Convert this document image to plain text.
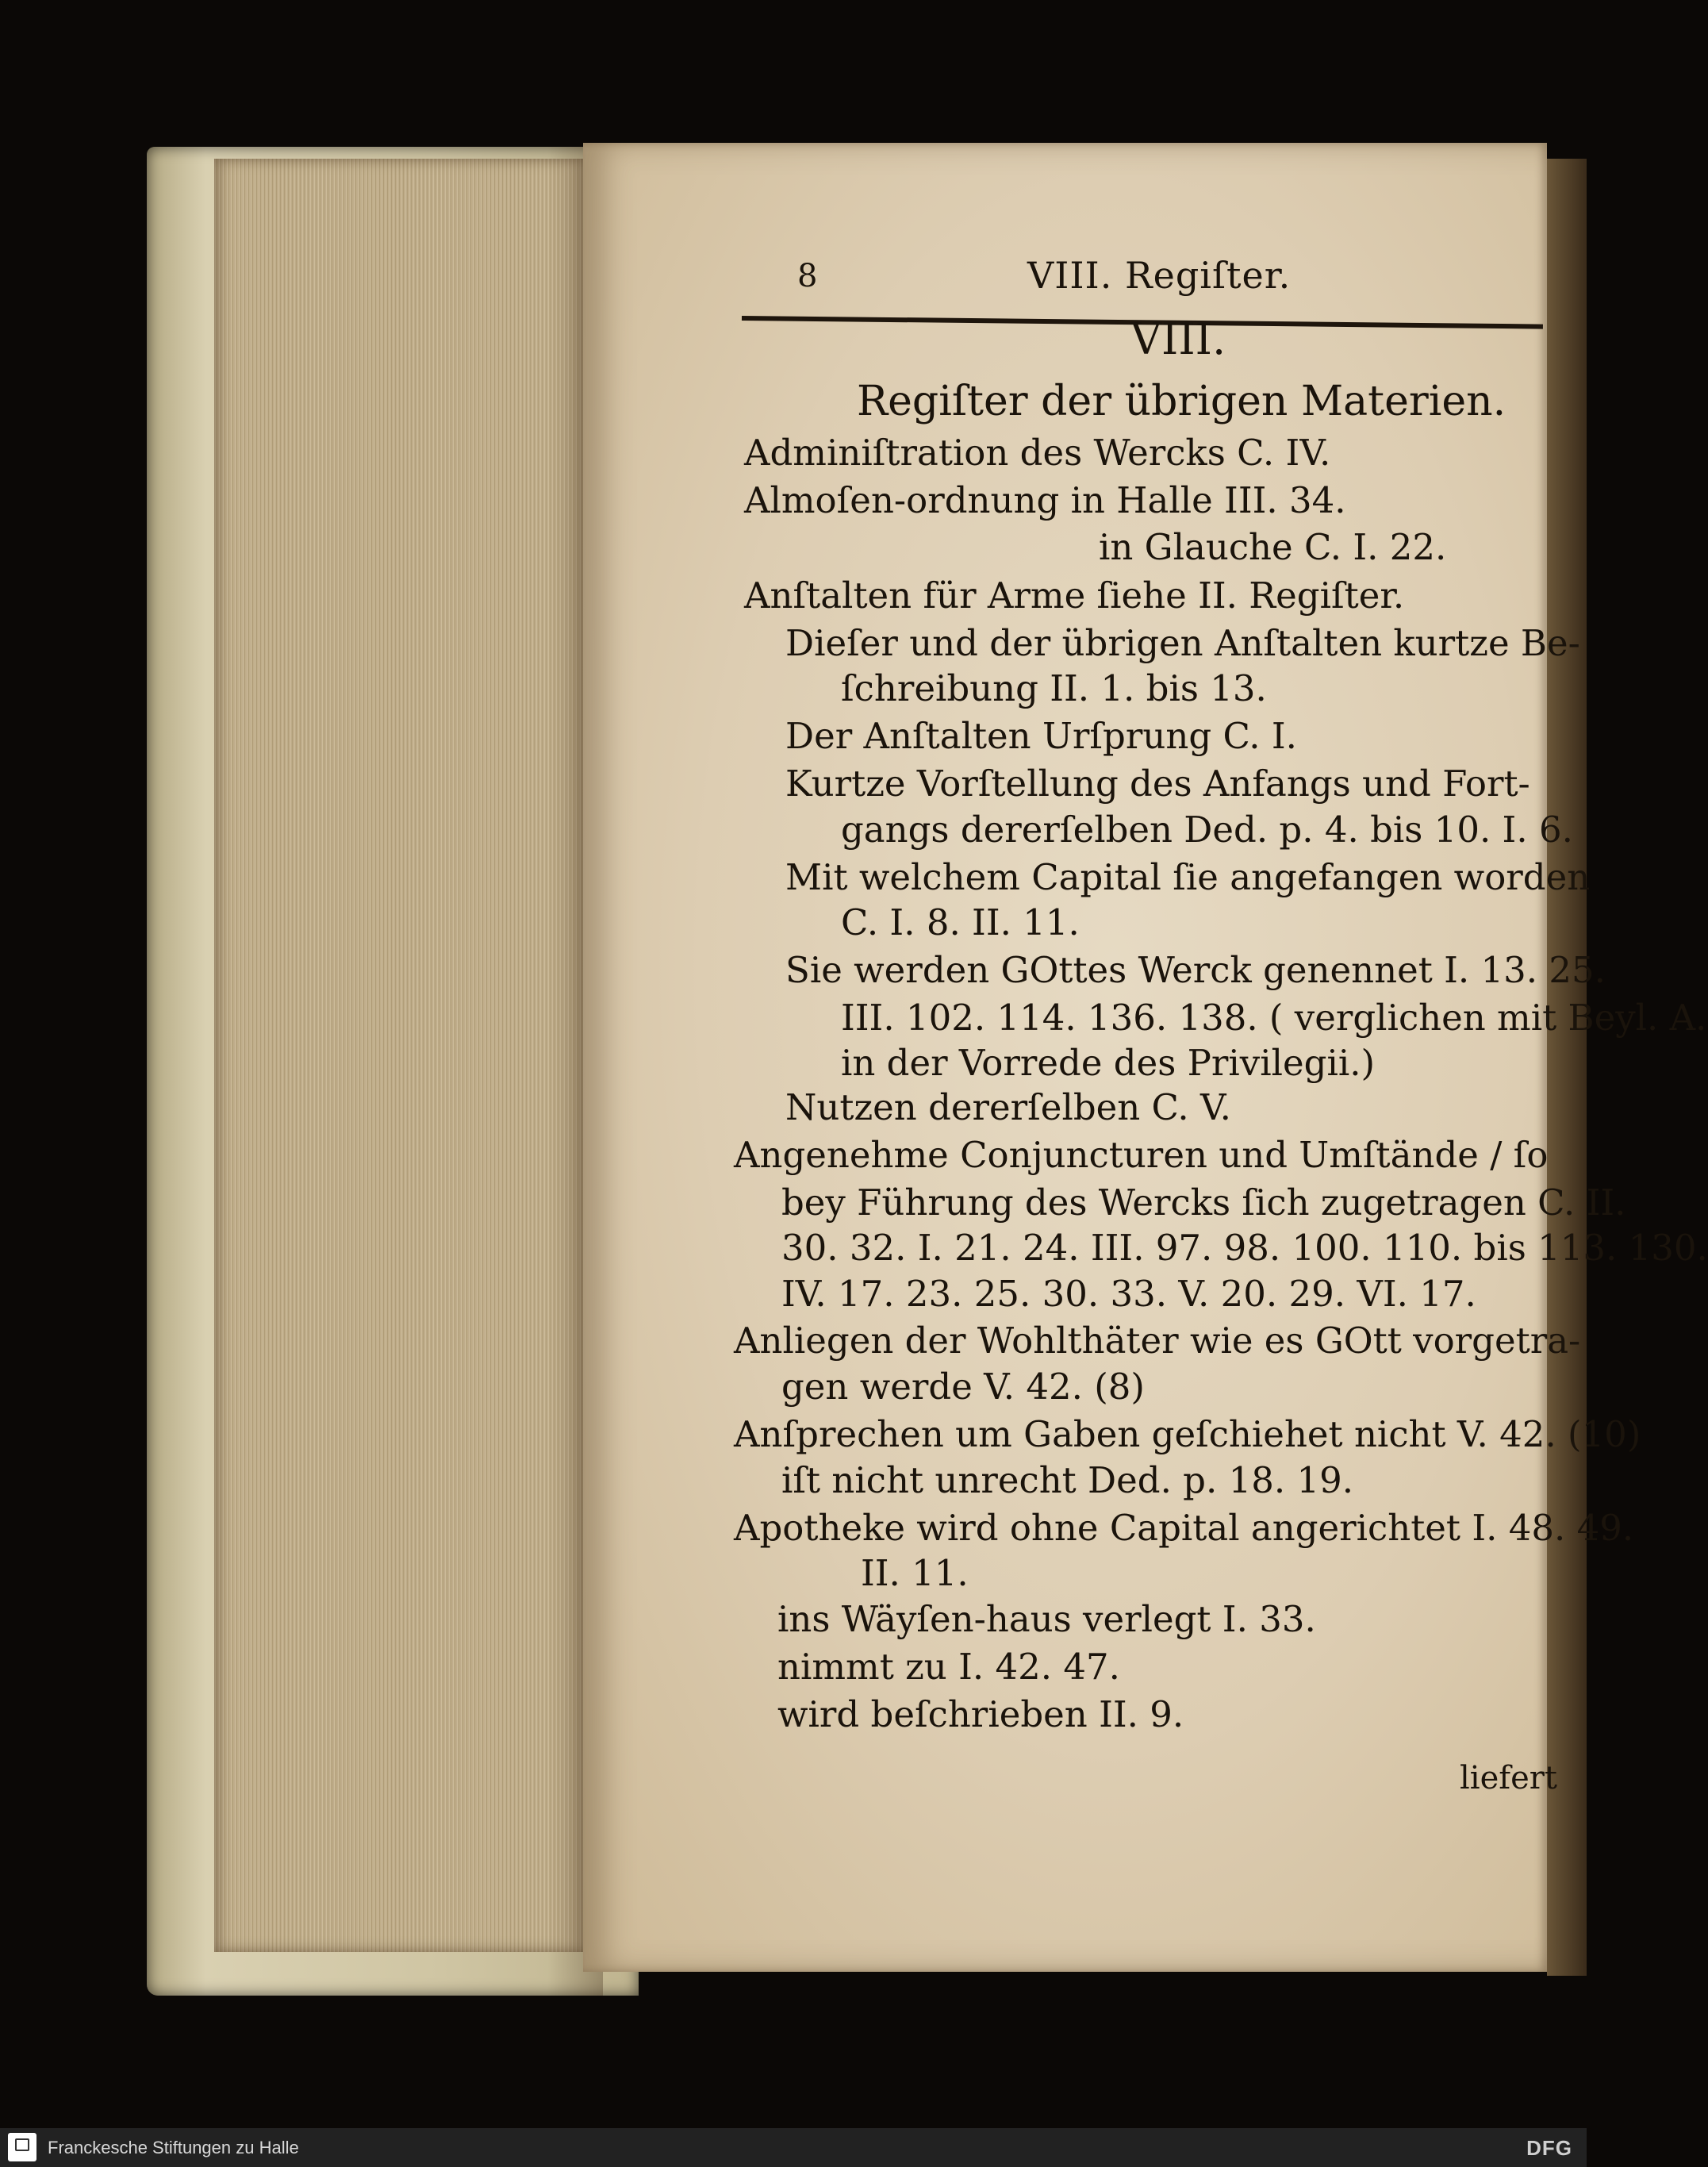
8	VIII. Regiſter.
VIII.
Regiſter der übrigen Materien.
Adminiſtration des Wercks C. IV.
Almoſen-ordnung in Halle III. 34.
in Glauche C. I. 22.
Anſtalten für Arme ſiehe II. Regiſter.
Dieſer und der übrigen Anſtalten kurtze Be-
ſchreibung II. 1. bis 13.
Der Anſtalten Urſprung C. I.
Kurtze Vorſtellung des Anfangs und Fort-
gangs dererſelben Ded. p. 4. bis 10. I. 6.
Mit welchem Capital ſie angefangen worden
C. I. 8. II. 11.
Sie werden GOttes Werck genennet I. 13. 25.
III. 102. 114. 136. 138. ( verglichen mit Beyl. A.
in der Vorrede des Privilegii.)
Nutzen dererſelben C. V.
Angenehme Conjuncturen und Umſtände / ſo
bey Führung des Wercks ſich zugetragen C. II.
30. 32. I. 21. 24. III. 97. 98. 100. 110. bis 113. 130.
IV. 17. 23. 25. 30. 33. V. 20. 29. VI. 17.
Anliegen der Wohlthäter wie es GOtt vorgetra-
gen werde V. 42. (8)
Anſprechen um Gaben geſchiehet nicht V. 42. (10)
iſt nicht unrecht Ded. p. 18. 19.
Apotheke wird ohne Capital angerichtet I. 48. 49.
II. 11.
ins Wäyſen-haus verlegt I. 33.
nimmt zu I. 42. 47.
wird beſchrieben II. 9.
liefert
Franckesche Stiftungen zu Halle	DFG
